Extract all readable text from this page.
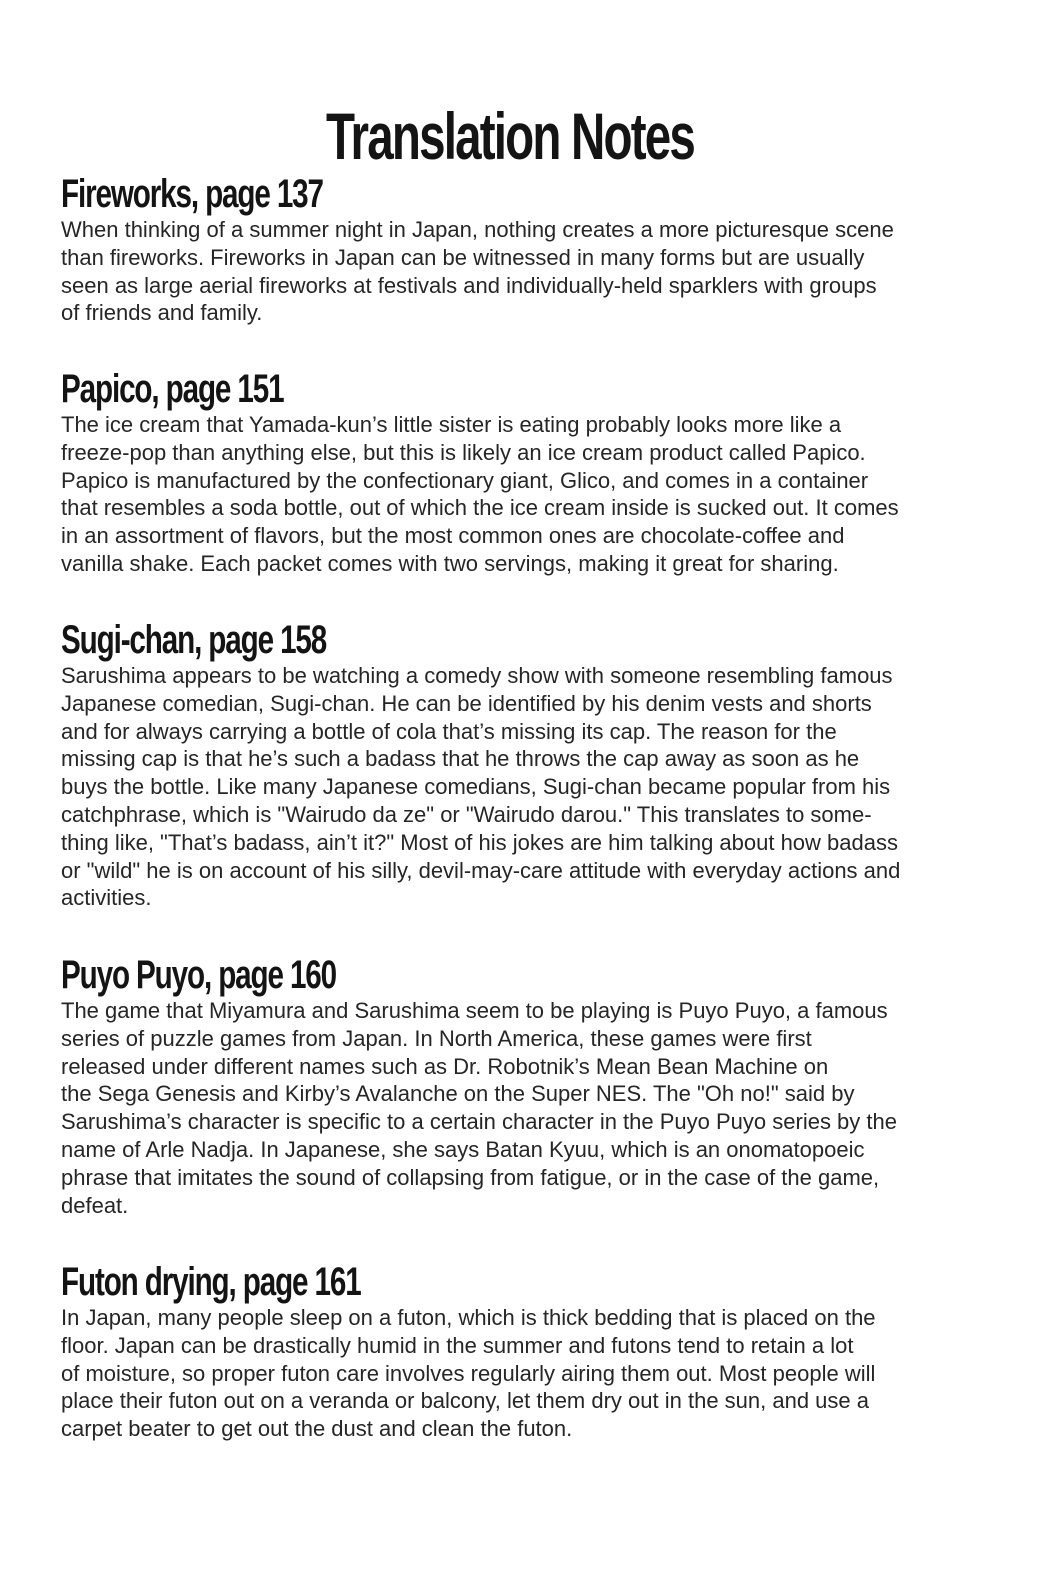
Translation Notes
Fireworks, page 137

When thinking of a summer night in Japan, nothing creates a more picturesque scene
than fireworks. Fireworks in Japan can be witnessed in many forms but are usually
seen as large aerial fireworks at festivals and individually-held sparklers with groups
of friends and family.

Papico, page 151

The ice cream that Yamada-kun’s little sister is eating probably looks more like a
freeze-pop than anything else, but this is likely an ice cream product called Papico.
Papico is manufactured by the confectionary giant, Glico, and comes in a container
that resembles a soda bottle, out of which the ice cream inside is sucked out. It comes
in an assortment of flavors, but the most common ones are chocolate-coffee and
vanilla shake. Each packet comes with two servings, making it great for sharing.

Sugi-chan, page 158

Sarushima appears to be watching a comedy show with someone resembling famous
Japanese comedian, Sugi-chan. He can be identified by his denim vests and shorts
and for always carrying a bottle of cola that’s missing its cap. The reason for the
missing cap is that he’s such a badass that he throws the cap away as soon as he
buys the bottle. Like many Japanese comedians, Sugi-chan became popular from his
catchphrase, which is "Wairudo da ze" or "Wairudo darou." This translates to some-
thing like, "That’s badass, ain’t it?" Most of his jokes are him talking about how badass
or "wild" he is on account of his silly, devil-may-care attitude with everyday actions and
activities.

Puyo Puyo, page 160

The game that Miyamura and Sarushima seem to be playing is Puyo Puyo, a famous
series of puzzle games from Japan. In North America, these games were first
released under different names such as Dr. Robotnik’s Mean Bean Machine on
the Sega Genesis and Kirby’s Avalanche on the Super NES. The "Oh no!" said by
Sarushima’s character is specific to a certain character in the Puyo Puyo series by the
name of Arle Nadja. In Japanese, she says Batan Kyuu, which is an onomatopoeic
phrase that imitates the sound of collapsing from fatigue, or in the case of the game,
defeat.

Futon drying, page 161

In Japan, many people sleep on a futon, which is thick bedding that is placed on the
floor. Japan can be drastically humid in the summer and futons tend to retain a lot
of moisture, so proper futon care involves regularly airing them out. Most people will
place their futon out on a veranda or balcony, let them dry out in the sun, and use a
carpet beater to get out the dust and clean the futon.
